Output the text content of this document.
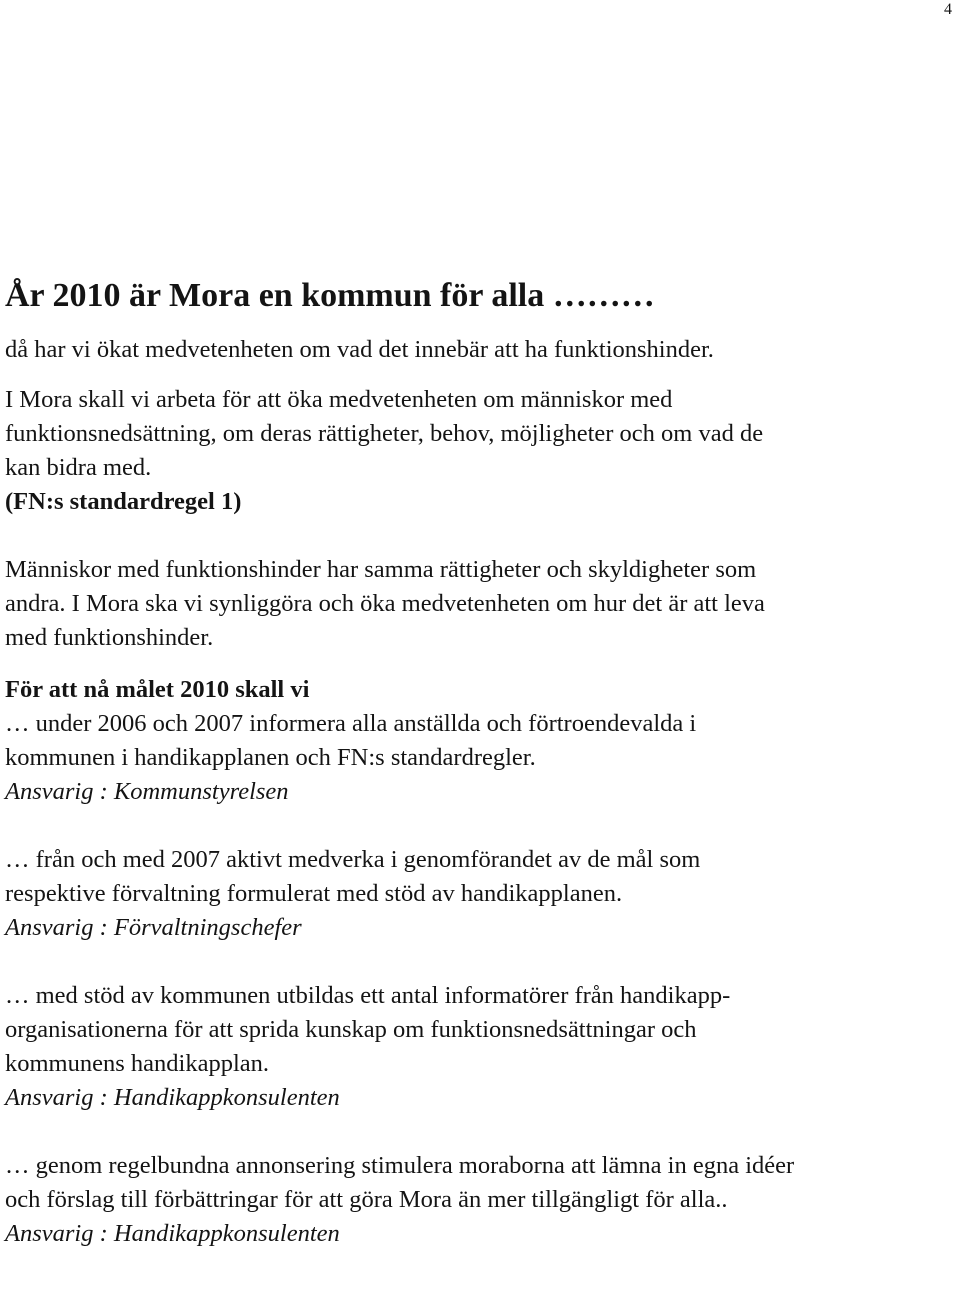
4
År 2010 är Mora en kommun för alla ………

då har vi ökat medvetenheten om vad det innebär att ha funktionshinder.

I Mora skall vi arbeta för att öka medvetenheten om människor med
funktionsnedsättning, om deras rättigheter, behov, möjligheter och om vad de
kan bidra med.
(FN:s standardregel 1)
Människor med funktionshinder har samma rättigheter och skyldigheter som
andra. I Mora ska vi synliggöra och öka medvetenheten om hur det är att leva
med funktionshinder.
För att nå målet 2010 skall vi
… under 2006 och 2007 informera alla anställda och förtroendevalda i
kommunen i handikapplanen och FN:s standardregler.
Ansvarig : Kommunstyrelsen
… från och med 2007 aktivt medverka i genomförandet av de mål som
respektive förvaltning formulerat med stöd av handikapplanen.
Ansvarig : Förvaltningschefer
… med stöd av kommunen utbildas ett antal informatörer från handikapp-
organisationerna för att sprida kunskap om funktionsnedsättningar och
kommunens handikapplan.
Ansvarig : Handikappkonsulenten
… genom regelbundna annonsering stimulera moraborna att lämna in egna idéer
och förslag till förbättringar för att göra Mora än mer tillgängligt för alla..
Ansvarig : Handikappkonsulenten
